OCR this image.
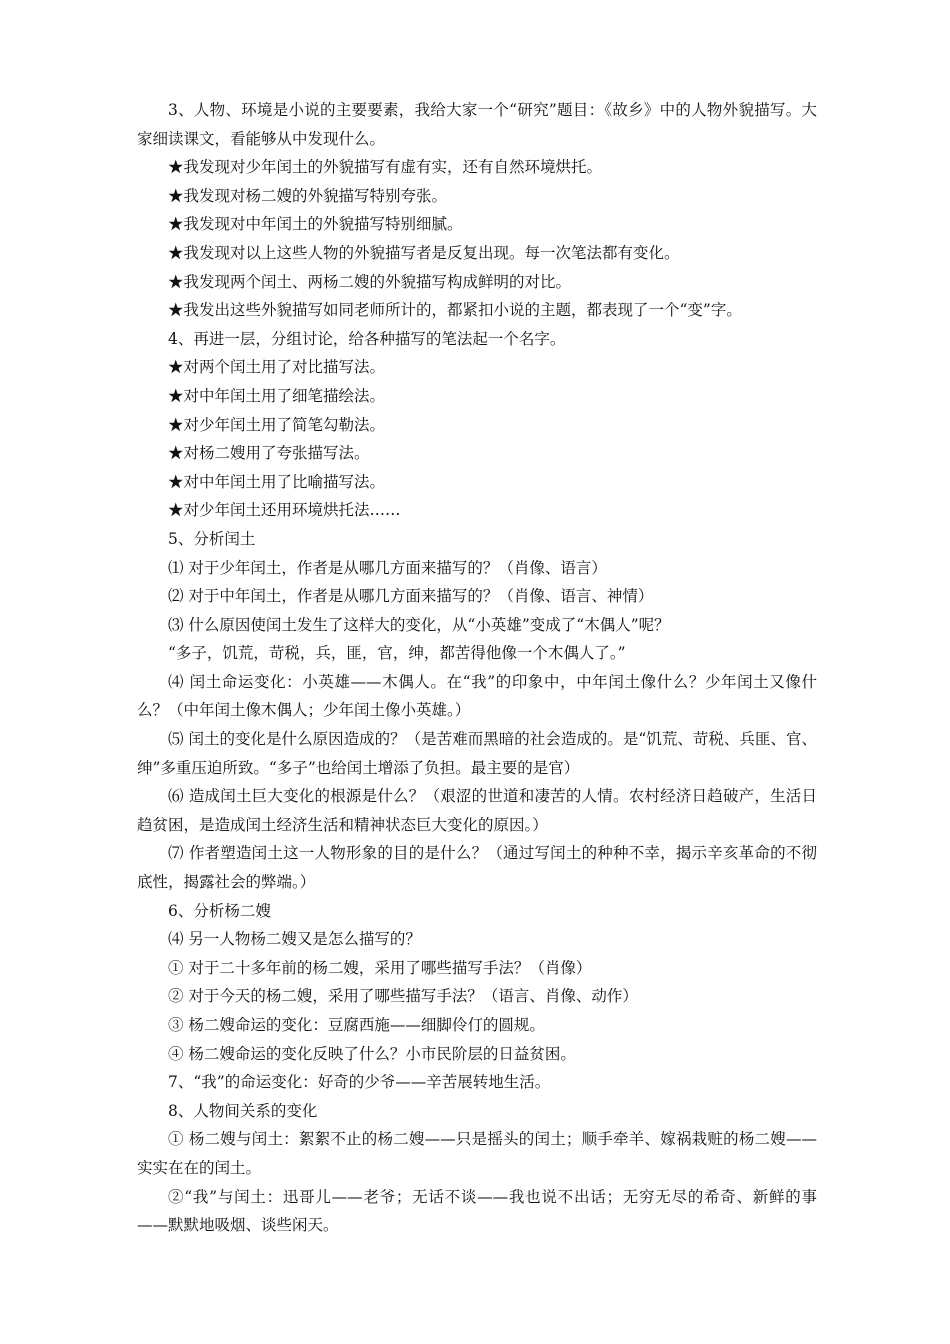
3、人物、环境是小说的主要要素，我给大家一个“研究”题目：《故乡》中的人物外貌描写。大家细读课文，看能够从中发现什么。

★我发现对少年闰土的外貌描写有虚有实，还有自然环境烘托。

★我发现对杨二嫂的外貌描写特别夸张。

★我发现对中年闰土的外貌描写特别细腻。

★我发现对以上这些人物的外貌描写者是反复出现。每一次笔法都有变化。

★我发现两个闰土、两杨二嫂的外貌描写构成鲜明的对比。

★我发出这些外貌描写如同老师所计的，都紧扣小说的主题，都表现了一个“变”字。

4、再进一层，分组讨论，给各种描写的笔法起一个名字。

★对两个闰土用了对比描写法。

★对中年闰土用了细笔描绘法。

★对少年闰土用了简笔勾勒法。

★对杨二嫂用了夸张描写法。

★对中年闰土用了比喻描写法。

★对少年闰土还用环境烘托法……

5、分析闰土

⑴ 对于少年闰土，作者是从哪几方面来描写的？（肖像、语言）

⑵ 对于中年闰土，作者是从哪几方面来描写的？（肖像、语言、神情）

⑶ 什么原因使闰土发生了这样大的变化，从“小英雄”变成了“木偶人”呢？

“多子，饥荒，苛税，兵，匪，官，绅，都苦得他像一个木偶人了。”

⑷ 闰土命运变化：小英雄——木偶人。在“我”的印象中，中年闰土像什么？少年闰土又像什么？（中年闰土像木偶人；少年闰土像小英雄。）

⑸ 闰土的变化是什么原因造成的？（是苦难而黑暗的社会造成的。是“饥荒、苛税、兵匪、官、绅”多重压迫所致。“多子”也给闰土增添了负担。最主要的是官）

⑹ 造成闰土巨大变化的根源是什么？（艰涩的世道和凄苦的人情。农村经济日趋破产，生活日趋贫困，是造成闰土经济生活和精神状态巨大变化的原因。）

⑺ 作者塑造闰土这一人物形象的目的是什么？（通过写闰土的种种不幸，揭示辛亥革命的不彻底性，揭露社会的弊端。）

6、分析杨二嫂

⑷ 另一人物杨二嫂又是怎么描写的？

① 对于二十多年前的杨二嫂，采用了哪些描写手法？（肖像）

② 对于今天的杨二嫂，采用了哪些描写手法？（语言、肖像、动作）

③ 杨二嫂命运的变化：豆腐西施——细脚伶仃的圆规。

④ 杨二嫂命运的变化反映了什么？小市民阶层的日益贫困。

7、“我”的命运变化：好奇的少爷——辛苦展转地生活。

8、人物间关系的变化

① 杨二嫂与闰土：絮絮不止的杨二嫂——只是摇头的闰土；顺手牵羊、嫁祸栽赃的杨二嫂——实实在在的闰土。

②“我”与闰土：迅哥儿——老爷；无话不谈——我也说不出话；无穷无尽的希奇、新鲜的事——默默地吸烟、谈些闲天。
